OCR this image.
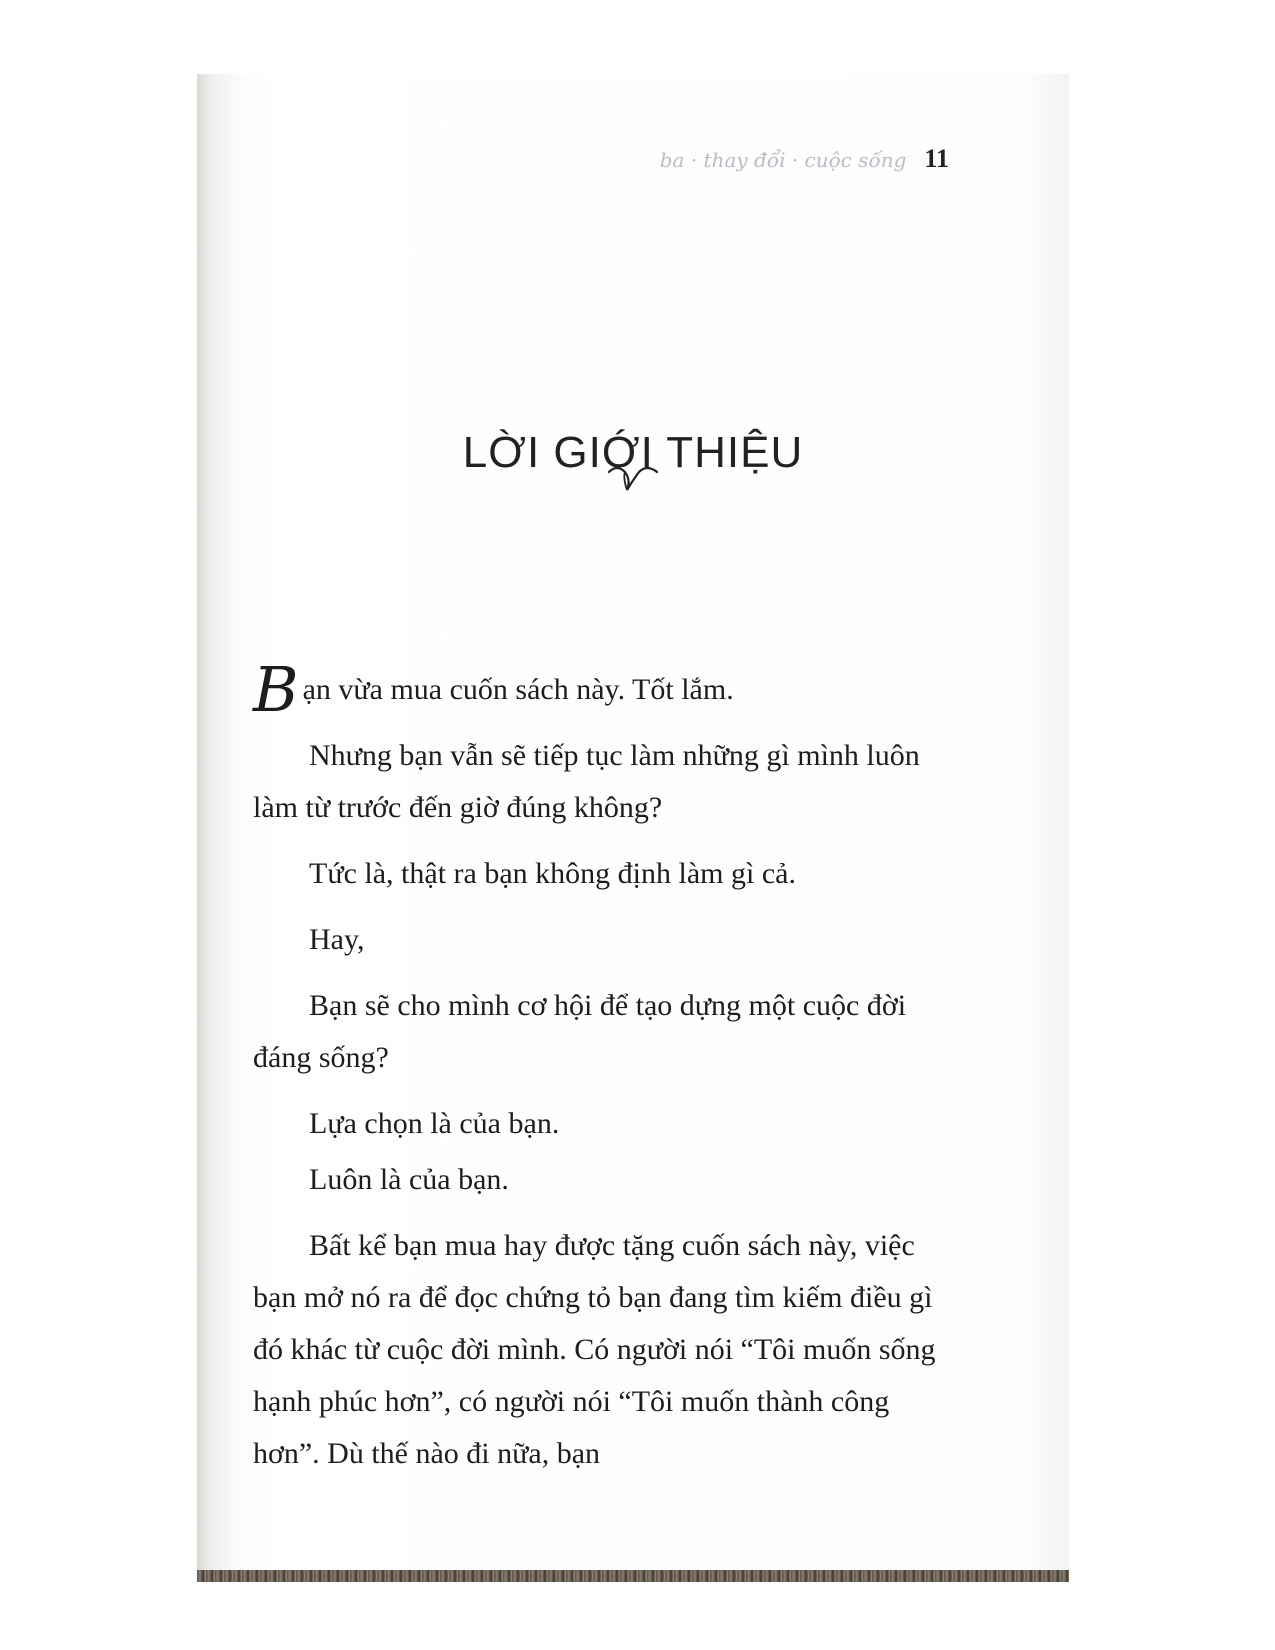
ba · thay đổi · cuộc sống 11
LỜI GIỚI THIỆU

Bạn vừa mua cuốn sách này. Tốt lắm.

Nhưng bạn vẫn sẽ tiếp tục làm những gì mình luôn làm từ trước đến giờ đúng không?

Tức là, thật ra bạn không định làm gì cả.

Hay,

Bạn sẽ cho mình cơ hội để tạo dựng một cuộc đời đáng sống?

Lựa chọn là của bạn.

Luôn là của bạn.

Bất kể bạn mua hay được tặng cuốn sách này, việc bạn mở nó ra để đọc chứng tỏ bạn đang tìm kiếm điều gì đó khác từ cuộc đời mình. Có người nói “Tôi muốn sống hạnh phúc hơn”, có người nói “Tôi muốn thành công hơn”. Dù thế nào đi nữa, bạn
